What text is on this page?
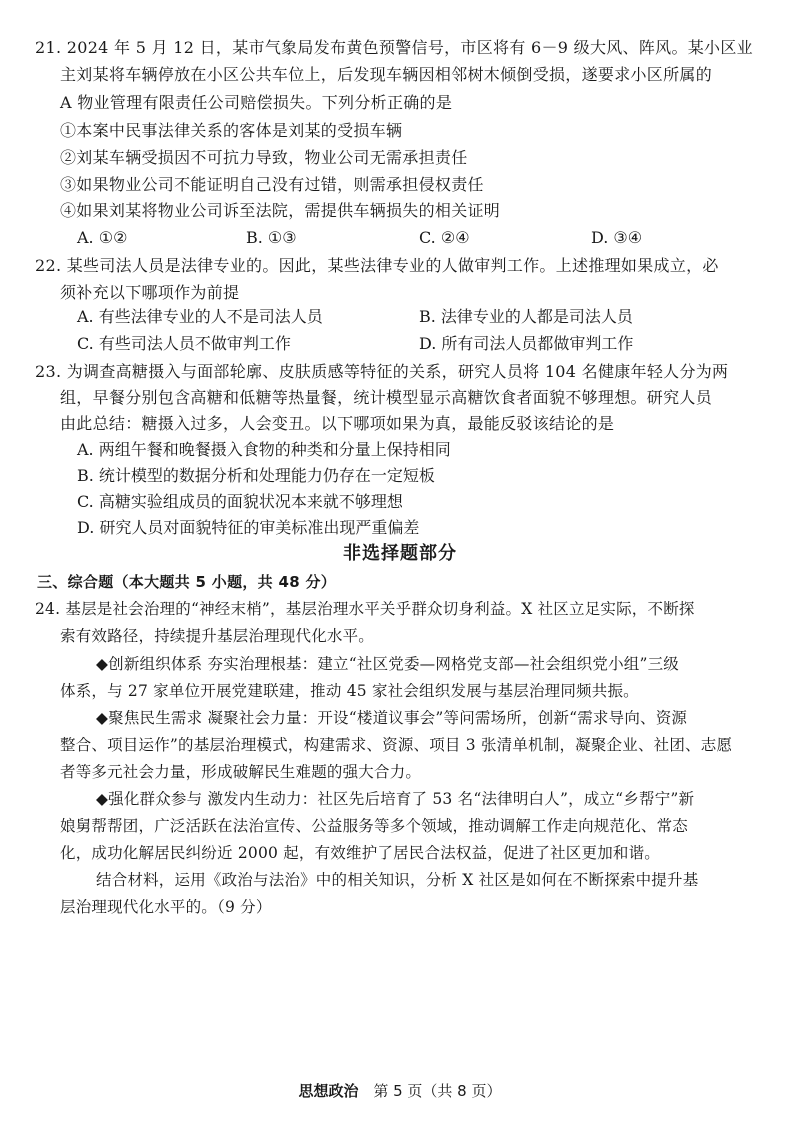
21. 2024 年 5 月 12 日，某市气象局发布黄色预警信号，市区将有 6－9 级大风、阵风。某小区业
主刘某将车辆停放在小区公共车位上，后发现车辆因相邻树木倾倒受损，遂要求小区所属的
A 物业管理有限责任公司赔偿损失。下列分析正确的是
①本案中民事法律关系的客体是刘某的受损车辆
②刘某车辆受损因不可抗力导致，物业公司无需承担责任
③如果物业公司不能证明自己没有过错，则需承担侵权责任
④如果刘某将物业公司诉至法院，需提供车辆损失的相关证明
A. ①②	B. ①③	C. ②④	D. ③④
22. 某些司法人员是法律专业的。因此，某些法律专业的人做审判工作。上述推理如果成立，必
须补充以下哪项作为前提
A. 有些法律专业的人不是司法人员	B. 法律专业的人都是司法人员
C. 有些司法人员不做审判工作	D. 所有司法人员都做审判工作
23. 为调查高糖摄入与面部轮廓、皮肤质感等特征的关系，研究人员将 104 名健康年轻人分为两
组，早餐分别包含高糖和低糖等热量餐，统计模型显示高糖饮食者面貌不够理想。研究人员
由此总结：糖摄入过多，人会变丑。以下哪项如果为真，最能反驳该结论的是
A. 两组午餐和晚餐摄入食物的种类和分量上保持相同
B. 统计模型的数据分析和处理能力仍存在一定短板
C. 高糖实验组成员的面貌状况本来就不够理想
D. 研究人员对面貌特征的审美标准出现严重偏差
非选择题部分
三、综合题（本大题共 5 小题，共 48 分）
24. 基层是社会治理的“神经末梢”，基层治理水平关乎群众切身利益。X 社区立足实际，不断探
索有效路径，持续提升基层治理现代化水平。
◆创新组织体系 夯实治理根基：建立“社区党委—网格党支部—社会组织党小组”三级
体系，与 27 家单位开展党建联建，推动 45 家社会组织发展与基层治理同频共振。
◆聚焦民生需求 凝聚社会力量：开设“楼道议事会”等问需场所，创新“需求导向、资源
整合、项目运作”的基层治理模式，构建需求、资源、项目 3 张清单机制，凝聚企业、社团、志愿
者等多元社会力量，形成破解民生难题的强大合力。
◆强化群众参与 激发内生动力：社区先后培育了 53 名“法律明白人”，成立“乡帮宁”新
娘舅帮帮团，广泛活跃在法治宣传、公益服务等多个领域，推动调解工作走向规范化、常态
化，成功化解居民纠纷近 2000 起，有效维护了居民合法权益，促进了社区更加和谐。
结合材料，运用《政治与法治》中的相关知识，分析 X 社区是如何在不断探索中提升基
层治理现代化水平的。（9 分）
思想政治 第 5 页（共 8 页）
